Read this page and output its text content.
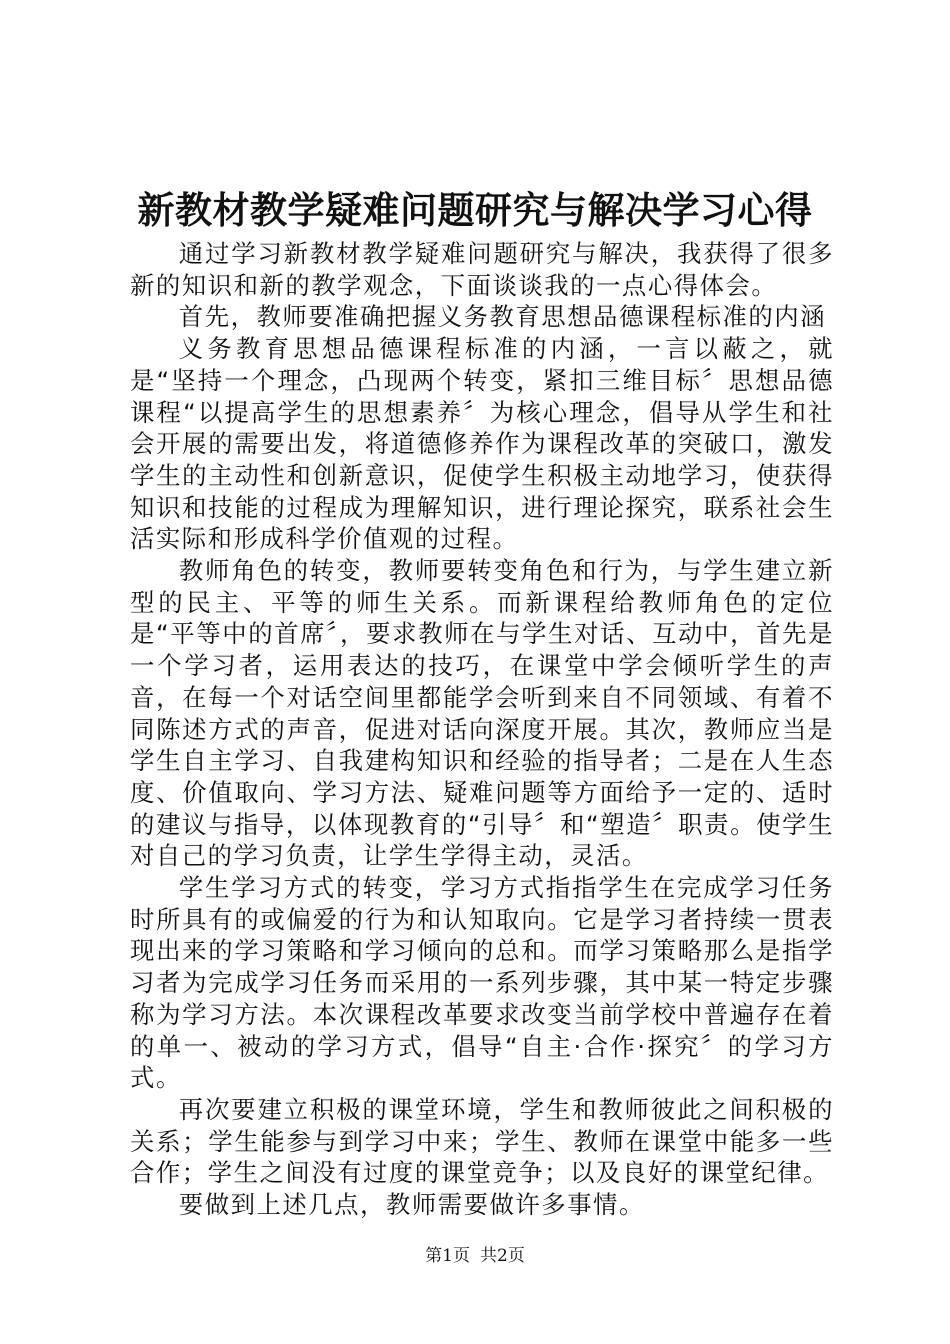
新教材教学疑难问题研究与解决学习心得

通过学习新教材教学疑难问题研究与解决，我获得了很多新的知识和新的教学观念，下面谈谈我的一点心得体会。

首先，教师要准确把握义务教育思想品德课程标准的内涵

义务教育思想品德课程标准的内涵，一言以蔽之，就是“坚持一个理念，凸现两个转变，紧扣三维目标〞思想品德课程“以提高学生的思想素养〞为核心理念，倡导从学生和社会开展的需要出发，将道德修养作为课程改革的突破口，激发学生的主动性和创新意识，促使学生积极主动地学习，使获得知识和技能的过程成为理解知识，进行理论探究，联系社会生活实际和形成科学价值观的过程。

教师角色的转变，教师要转变角色和行为，与学生建立新型的民主、平等的师生关系。而新课程给教师角色的定位是“平等中的首席〞，要求教师在与学生对话、互动中，首先是一个学习者，运用表达的技巧，在课堂中学会倾听学生的声音，在每一个对话空间里都能学会听到来自不同领域、有着不同陈述方式的声音，促进对话向深度开展。其次，教师应当是学生自主学习、自我建构知识和经验的指导者；二是在人生态度、价值取向、学习方法、疑难问题等方面给予一定的、适时的建议与指导，以体现教育的“引导〞和“塑造〞职责。使学生对自己的学习负责，让学生学得主动，灵活。

学生学习方式的转变，学习方式指指学生在完成学习任务时所具有的或偏爱的行为和认知取向。它是学习者持续一贯表现出来的学习策略和学习倾向的总和。而学习策略那么是指学习者为完成学习任务而采用的一系列步骤，其中某一特定步骤称为学习方法。本次课程改革要求改变当前学校中普遍存在着的单一、被动的学习方式，倡导“自主·合作·探究〞的学习方式。

再次要建立积极的课堂环境，学生和教师彼此之间积极的关系；学生能参与到学习中来；学生、教师在课堂中能多一些合作；学生之间没有过度的课堂竞争；以及良好的课堂纪律。

要做到上述几点，教师需要做许多事情。

第1页 共2页
